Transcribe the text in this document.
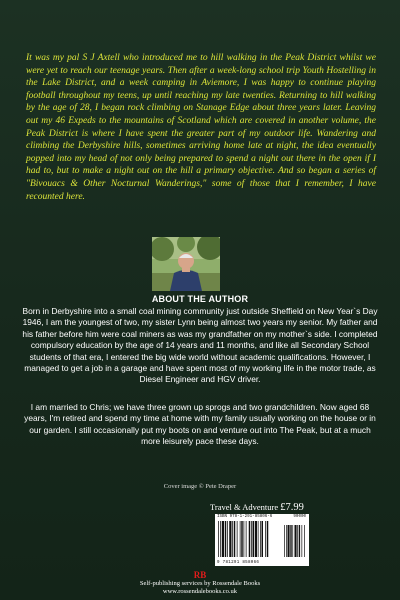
It was my pal S J Axtell who introduced me to hill walking in the Peak District whilst we were yet to reach our teenage years. Then after a week-long school trip Youth Hostelling in the Lake District, and a week camping in Aviemore, I was happy to continue playing football throughout my teens, up until reaching my late twenties. Returning to hill walking by the age of 28, I began rock climbing on Stanage Edge about three years later. Leaving out my 46 Expeds to the mountains of Scotland which are covered in another volume, the Peak District is where I have spent the greater part of my outdoor life. Wandering and climbing the Derbyshire hills, sometimes arriving home late at night, the idea eventually popped into my head of not only being prepared to spend a night out there in the open if I had to, but to make a night out on the hill a primary objective. And so began a series of "Bivouacs & Other Nocturnal Wanderings," some of those that I remember, I have recounted here.

ABOUT THE AUTHOR

Born in Derbyshire into a small coal mining community just outside Sheffield on New Year`s Day 1946, I am the youngest of two, my sister Lynn being almost two years my senior. My father and his father before him were coal miners as was my grandfather on my mother`s side. I completed compulsory education by the age of 14 years and 11 months, and like all Secondary School students of that era, I entered the big wide world without academic qualifications. However, I managed to get a job in a garage and have spent most of my working life in the motor trade, as Diesel Engineer and HGV driver.

I am married to Chris; we have three grown up sprogs and two grandchildren. Now aged 68 years, I'm retired and spend my time at home with my family usually working on the house or in our garden. I still occasionally put my boots on and venture out into The Peak, but at a much more leisurely pace these days.

Cover image © Pete Draper
Travel & Adventure £7.99
ISBN 978-1-291-85806-6	90000
9 781291 858066
RB
Self-publishing services by Rossendale Books
www.rossendalebooks.co.uk
